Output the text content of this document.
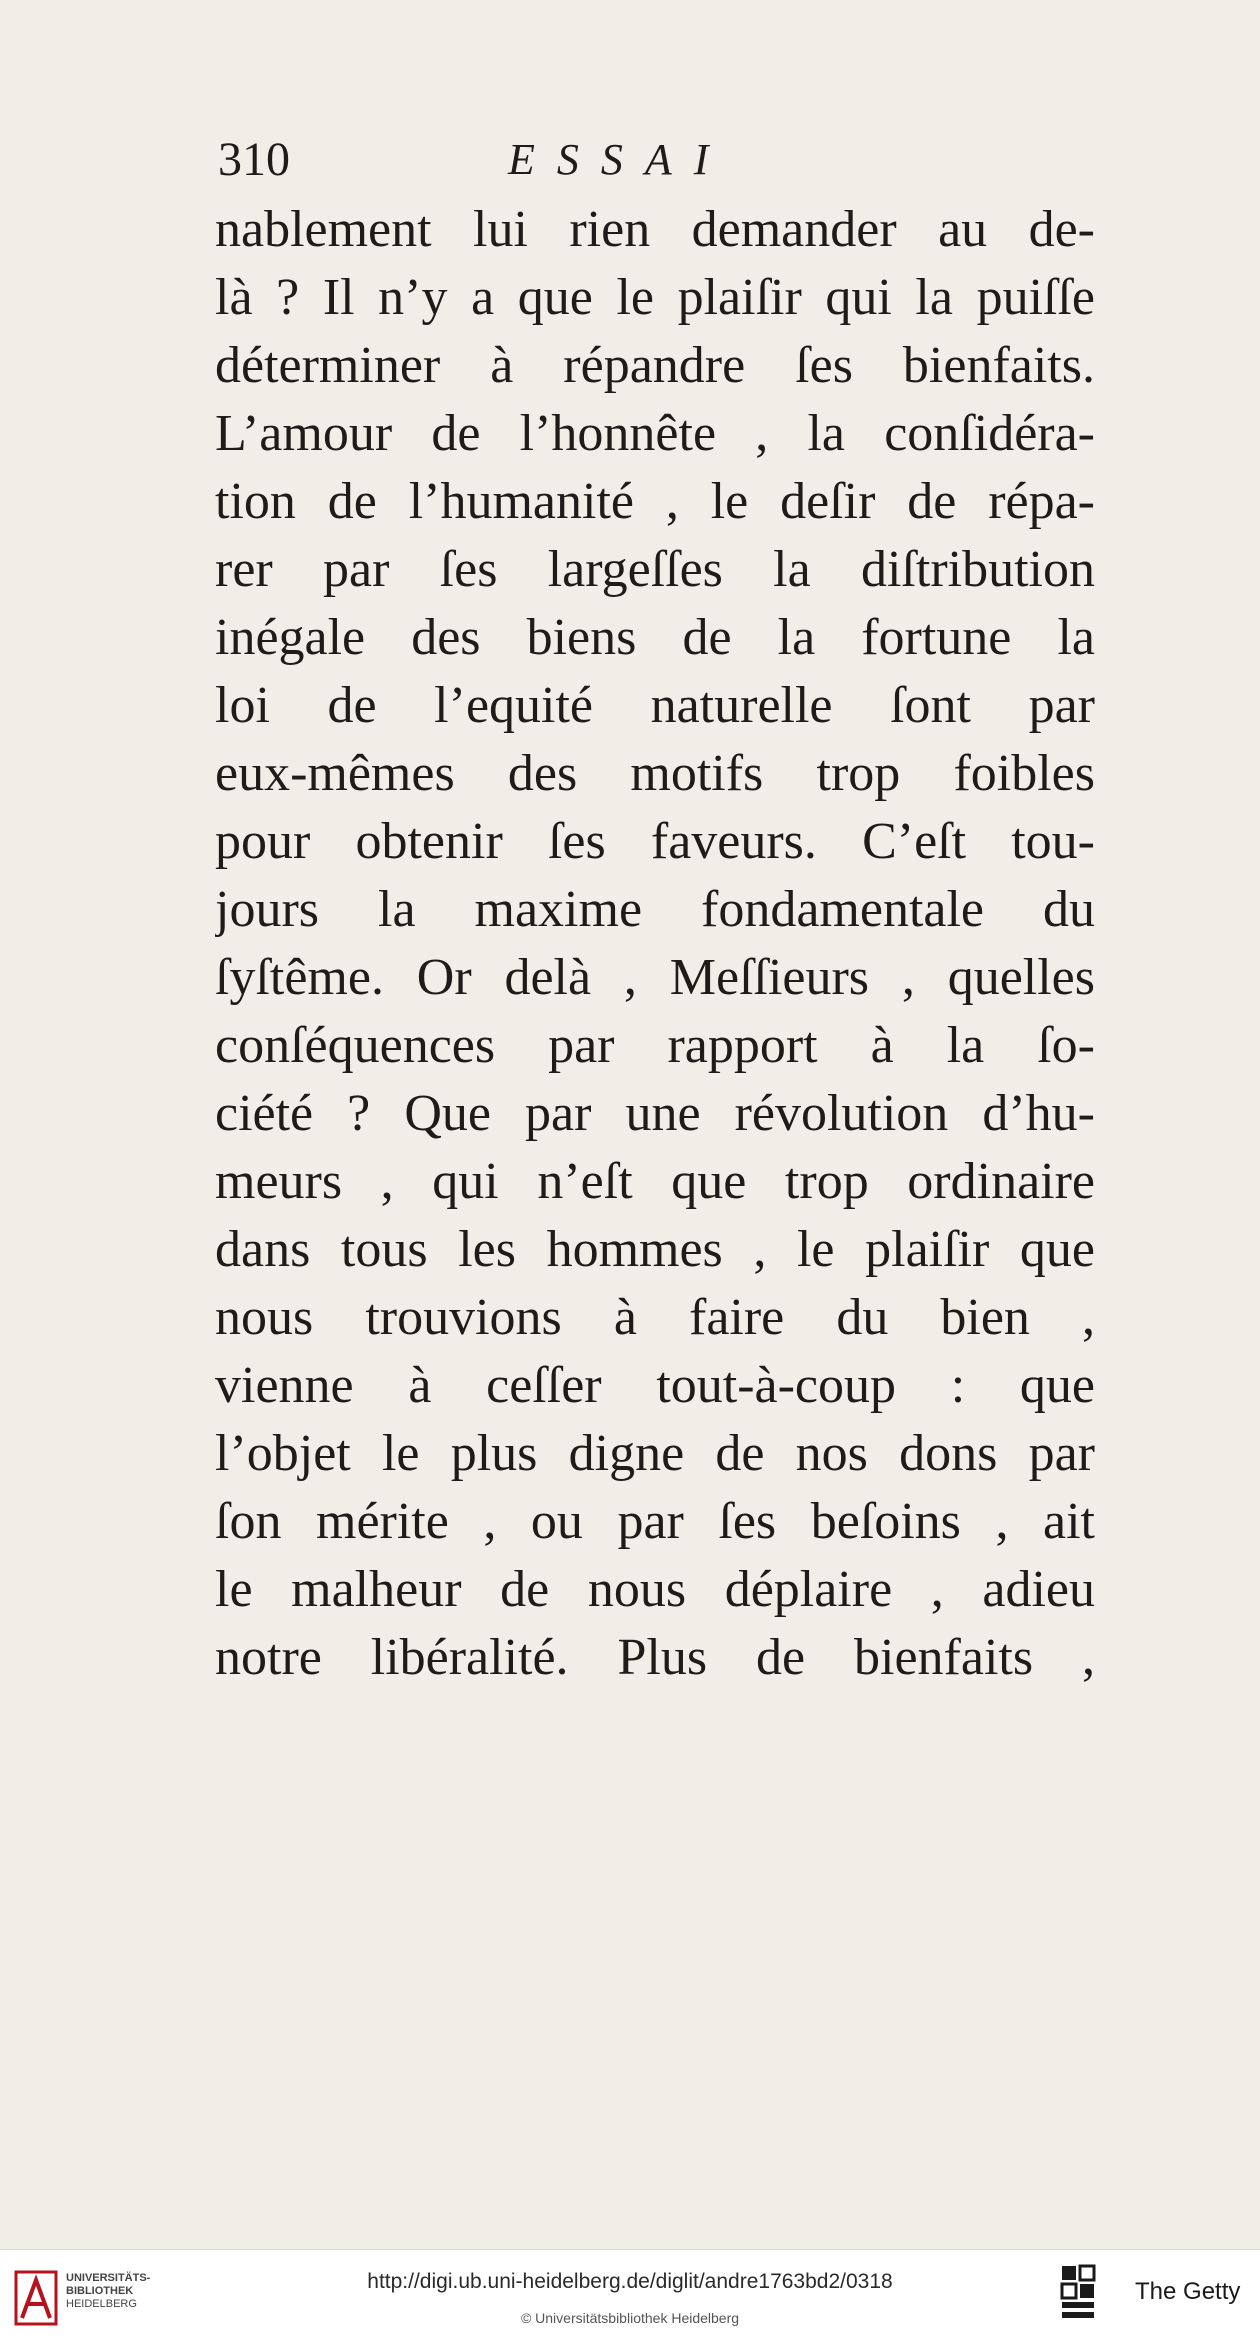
310	ESSAI
nablement lui rien demander au de-
là ? Il n’y a que le plaiſir qui la puiſſe
déterminer à répandre ſes bienfaits.
L’amour de l’honnête , la conſidéra-
tion de l’humanité , le deſir de répa-
rer par ſes largeſſes la diſtribution
inégale des biens de la fortune la
loi de l’equité naturelle ſont par
eux-mêmes des motifs trop foibles
pour obtenir ſes faveurs. C’eſt tou-
jours la maxime fondamentale du
ſyſtême. Or delà , Meſſieurs , quelles
conſéquences par rapport à la ſo-
ciété ? Que par une révolution d’hu-
meurs , qui n’eſt que trop ordinaire
dans tous les hommes , le plaiſir que
nous trouvions à faire du bien ,
vienne à ceſſer tout-à-coup : que
l’objet le plus digne de nos dons par
ſon mérite , ou par ſes beſoins , ait
le malheur de nous déplaire , adieu
notre libéralité. Plus de bienfaits ,
UNIVERSITÄTS-
BIBLIOTHEK
HEIDELBERG
http://digi.ub.uni-heidelberg.de/diglit/andre1763bd2/0318
© Universitätsbibliothek Heidelberg
The Getty
